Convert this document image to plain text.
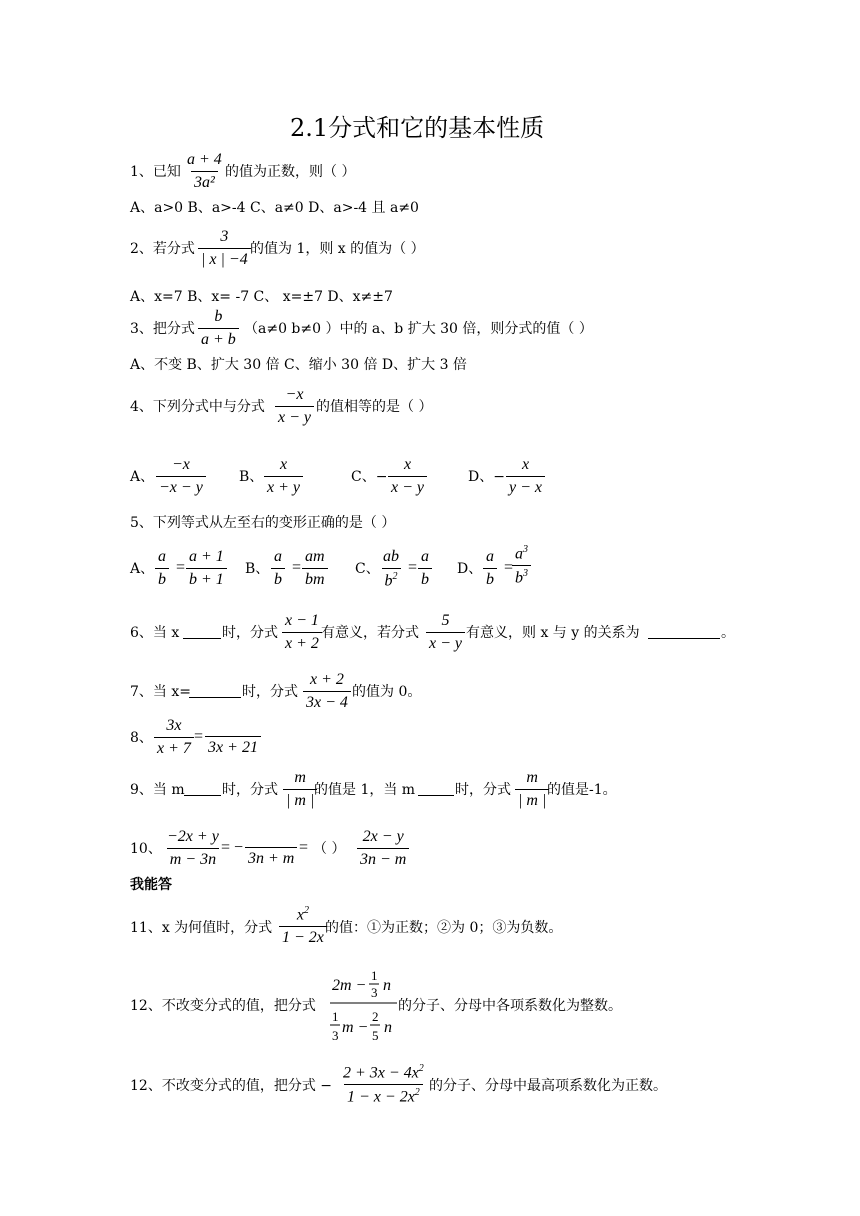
2.1分式和它的基本性质
1、已知 $\frac{a + 4}{\text{3a²}}$ 的值为正数，则（ ）
A、a>0 B、a>-4 C、a≠0 D、a>-4 且 a≠0
2、若分式 $\frac{3}{| x | -4}$ 的值为 1，则 x 的值为（ ）
A、x=7 B、x= -7 C、 x=±7 D、x≠±7
3、把分式 $\frac{b}{a + b} (a\ne 0$ b≠0 ）中的 a、b 扩大 30 倍，则分式的值（ ）
A、不变 B、扩大 30 倍 C、缩小 30 倍 D、扩大 3 倍
4、下列分式中与分式 $\frac{-x}{x - y}$ 的值相等的是（ ）
A、 $\frac{-x}{-x - y}$ B、 $\frac{x}{x + y}$	C、− $\frac{x}{x - y}$	D、− $\frac{x}{y - x}$
5、下列等式从左至右的变形正确的是（ ）
A、
a
b
=
a + 1
b + 1
B、
a
b
=
am
bm
C、
ab
$b^2$
=
a
b
D、
a
b
=
$a^3$
$b^3$
6、当 x	时，分式
x − 1
x + 2
有意义，若分式
5
x − y
有意义，则 x 与 y 的关系为	。
7、当 x=	时，分式
x + 2
3x − 4
的值为 0。
8、
3x
x + 7
=
3x + 21
9、当 m	时，分式
m
| m |
的值是 1，当 m	时，分式
m
| m |
的值是-1。
10、
−2x + y
m − 3n
= −
3n + m
= （ ）
2x − y
3n − m
我能答
11、x 为何值时，分式
$x^2$
1 − 2x
的值：①为正数；②为 0；③为负数。
12、不改变分式的值，把分式
2m −
1
3 n
1
3 m −
2
5 n
的分子、分母中各项系数化为整数。
12、不改变分式的值，把分式 −
$2 + 3x - 4x^2$
$1 - x - 2x^2$ 的分子、分母中最高项系数化为正数。
